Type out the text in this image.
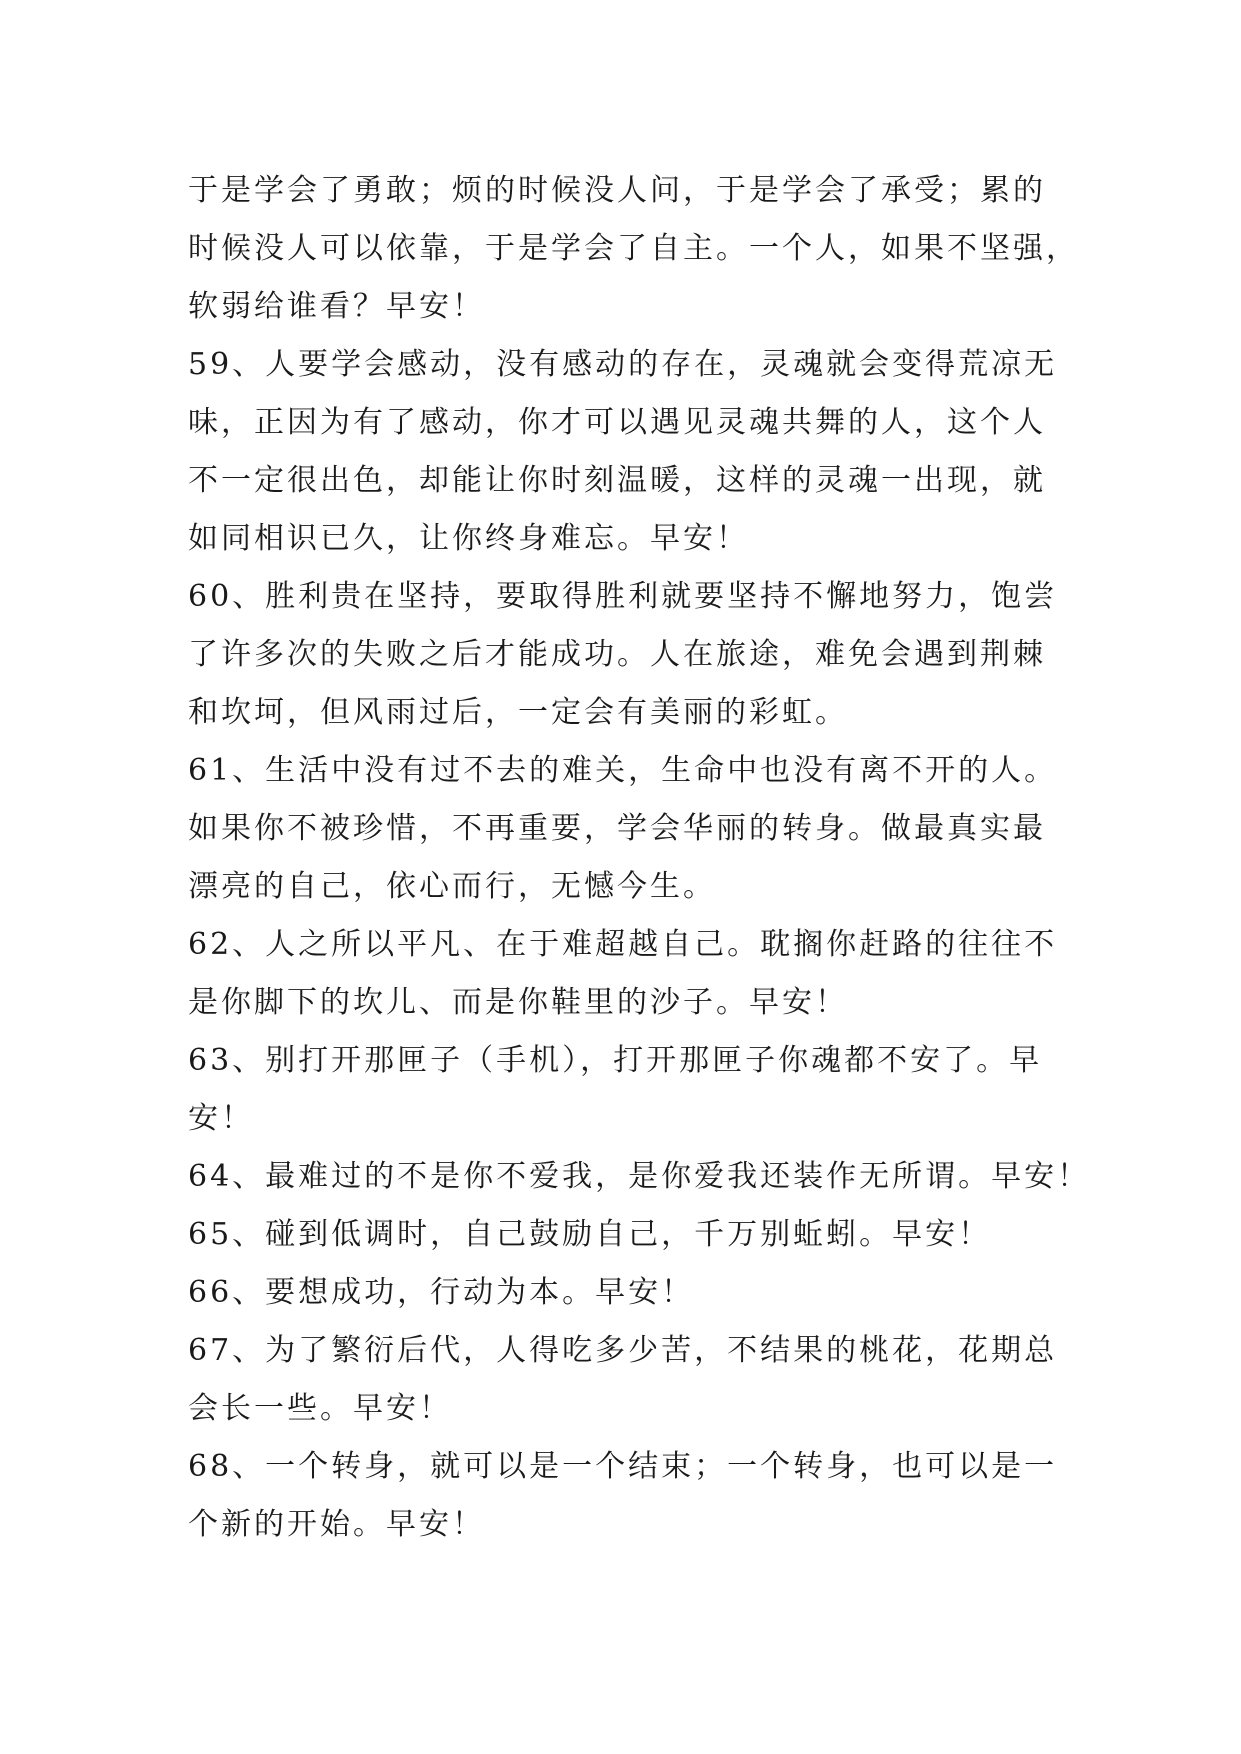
于是学会了勇敢；烦的时候没人问，于是学会了承受；累的
时候没人可以依靠，于是学会了自主。一个人，如果不坚强，
软弱给谁看？早安！
59、人要学会感动，没有感动的存在，灵魂就会变得荒凉无
味，正因为有了感动，你才可以遇见灵魂共舞的人，这个人
不一定很出色，却能让你时刻温暖，这样的灵魂一出现，就
如同相识已久，让你终身难忘。早安！
60、胜利贵在坚持，要取得胜利就要坚持不懈地努力，饱尝
了许多次的失败之后才能成功。人在旅途，难免会遇到荆棘
和坎坷，但风雨过后，一定会有美丽的彩虹。
61、生活中没有过不去的难关，生命中也没有离不开的人。
如果你不被珍惜，不再重要，学会华丽的转身。做最真实最
漂亮的自己，依心而行，无憾今生。
62、人之所以平凡、在于难超越自己。耽搁你赶路的往往不
是你脚下的坎儿、而是你鞋里的沙子。早安！
63、别打开那匣子（手机），打开那匣子你魂都不安了。早
安！
64、最难过的不是你不爱我，是你爱我还装作无所谓。早安！
65、碰到低调时，自己鼓励自己，千万别蚯蚓。早安！
66、要想成功，行动为本。早安！
67、为了繁衍后代，人得吃多少苦，不结果的桃花，花期总
会长一些。早安！
68、一个转身，就可以是一个结束；一个转身，也可以是一
个新的开始。早安！
